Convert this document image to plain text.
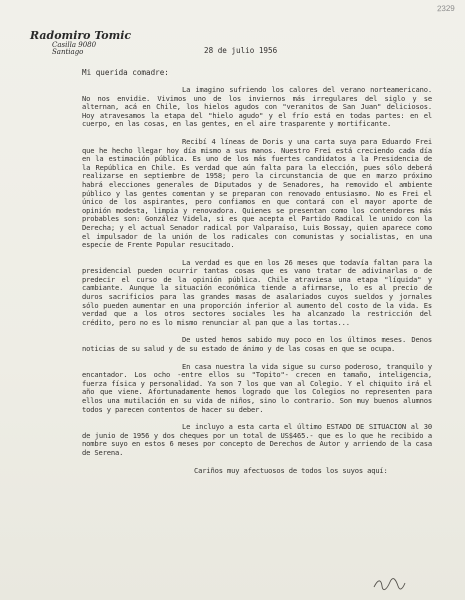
2329
Radomiro Tomic
Casilla 9080
Santiago	28 de julio 1956
Mi querida comadre:

La imagino sufriendo los calores del verano norteamericano. No nos envidie. Vivimos uno de los inviernos más irregulares del siglo y se alternan, acá en Chile, los hielos agudos con "veranitos de San Juan" deliciosos. Hoy atravesamos la etapa del "hielo agudo" y el frío está en todas partes: en el cuerpo, en las cosas, en las gentes, en el aire trasparente y mortificante.

Recibí 4 líneas de Doris y una carta suya para Eduardo Frei que he hecho llegar hoy día mismo a sus manos. Nuestro Frei está creciendo cada día en la estimación pública. Es uno de los más fuertes candidatos a la Presidencia de la República en Chile. Es verdad que aún falta para la elección, pues sólo deberá realizarse en septiembre de 1958; pero la circunstancia de que en marzo próximo habrá elecciones generales de Diputados y de Senadores, ha removido el ambiente público y las gentes comentan y se preparan con renovado entusiasmo. No es Frei el único de los aspirantes, pero confiamos en que contará con el mayor aporte de opinión modesta, limpia y renovadora. Quienes se presentan como los contendores más probables son: González Videla, si es que acepta el Partido Radical le unido con la Derecha; y el actual Senador radical por Valparaíso, Luis Bossay, quien aparece como el impulsador de la unión de los radicales con comunistas y socialistas, en una especie de Frente Popular resucitado.

La verdad es que en los 26 meses que todavía faltan para la presidencial pueden ocurrir tantas cosas que es vano tratar de adivinarlas o de predecir el curso de la opinión pública. Chile atraviesa una etapa "líquida" y cambiante. Aunque la situación económica tiende a afirmarse, lo es al precio de duros sacrificios para las grandes masas de asalariados cuyos sueldos y jornales sólo pueden aumentar en una proporción inferior al aumento del costo de la vida. Es verdad que a los otros sectores sociales les ha alcanzado la restricción del crédito, pero no es lo mismo renunciar al pan que a las tortas...

De usted hemos sabido muy poco en los últimos meses. Denos noticias de su salud y de su estado de ánimo y de las cosas en que se ocupa.

En casa nuestra la vida sigue su curso poderoso, tranquilo y encantador. Los ocho -entre ellos su "Topito"- crecen en tamaño, inteligencia, fuerza física y personalidad. Ya son 7 los que van al Colegio. Y el chiquito irá el año que viene. Afortunadamente hemos logrado que los Colegios no representen para ellos una mutilación en su vida de niños, sino lo contrario. Son muy buenos alumnos todos y parecen contentos de hacer su deber.

Le incluyo a esta carta el último ESTADO DE SITUACION al 30 de junio de 1956 y dos cheques por un total de US$465.- que es lo que he recibido a nombre suyo en estos 6 meses por concepto de Derechos de Autor y arriendo de la casa de Serena.

Cariños muy afectuosos de todos los suyos aquí:
